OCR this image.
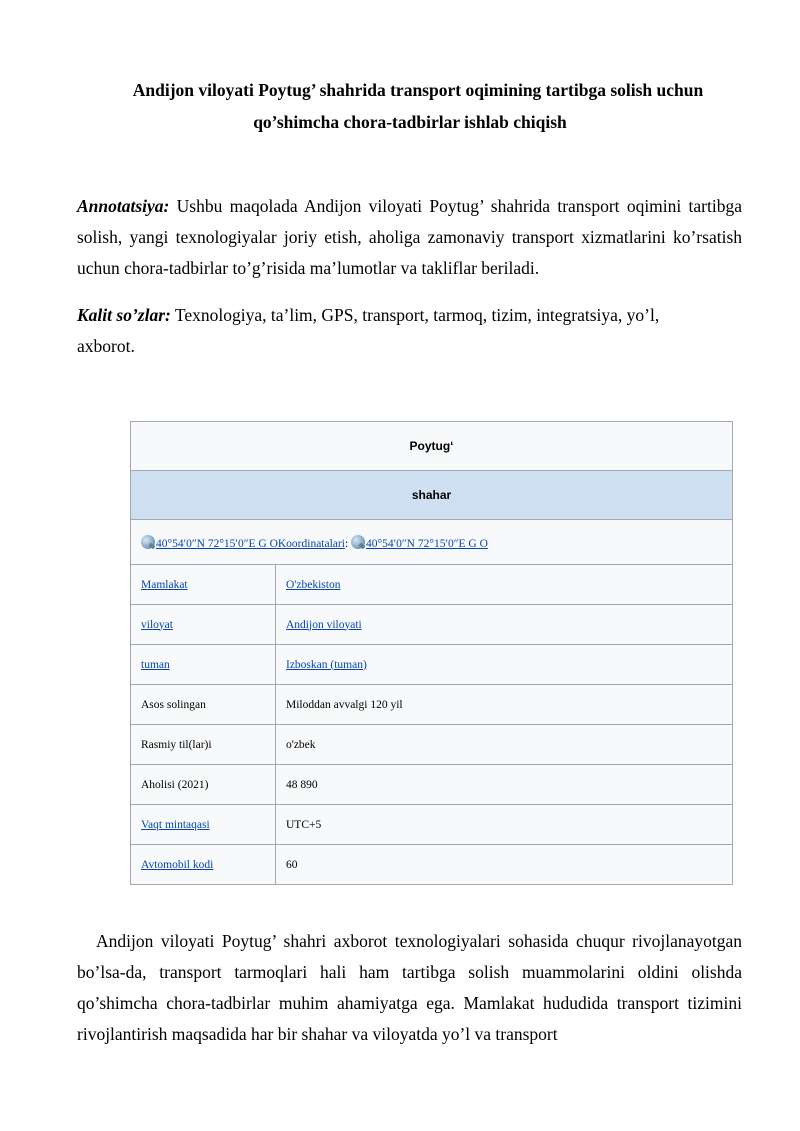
Andijon viloyati Poytug’ shahrida transport oqimining tartibga solish uchun
qo’shimcha chora-tadbirlar ishlab chiqish

Annotatsiya: Ushbu maqolada Andijon viloyati Poytug’ shahrida transport oqimini tartibga solish, yangi texnologiyalar joriy etish, aholiga zamonaviy transport xizmatlarini ko’rsatish uchun chora-tadbirlar to’g’risida ma’lumotlar va takliflar beriladi.

Kalit so’zlar: Texnologiya, ta’lim, GPS, transport, tarmoq, tizim, integratsiya, yo’l, axborot.

Poytug‘	
shahar	
40°54′0″N 72°15′0″E G OKoordinatalari: 40°54′0″N 72°15′0″E G O	
Mamlakat	O'zbekiston
viloyat	Andijon viloyati
tuman	Izboskan (tuman)
Asos solingan	Miloddan avvalgi 120 yil
Rasmiy til(lar)i	o'zbek
Aholisi (2021)	48 890
Vaqt mintaqasi	UTC+5
Avtomobil kodi	60

Andijon viloyati Poytug’ shahri axborot texnologiyalari sohasida chuqur rivojlanayotgan bo’lsa-da, transport tarmoqlari hali ham tartibga solish muammolarini oldini olishda qo’shimcha chora-tadbirlar muhim ahamiyatga ega. Mamlakat hududida transport tizimini rivojlantirish maqsadida har bir shahar va viloyatda yo’l va transport
